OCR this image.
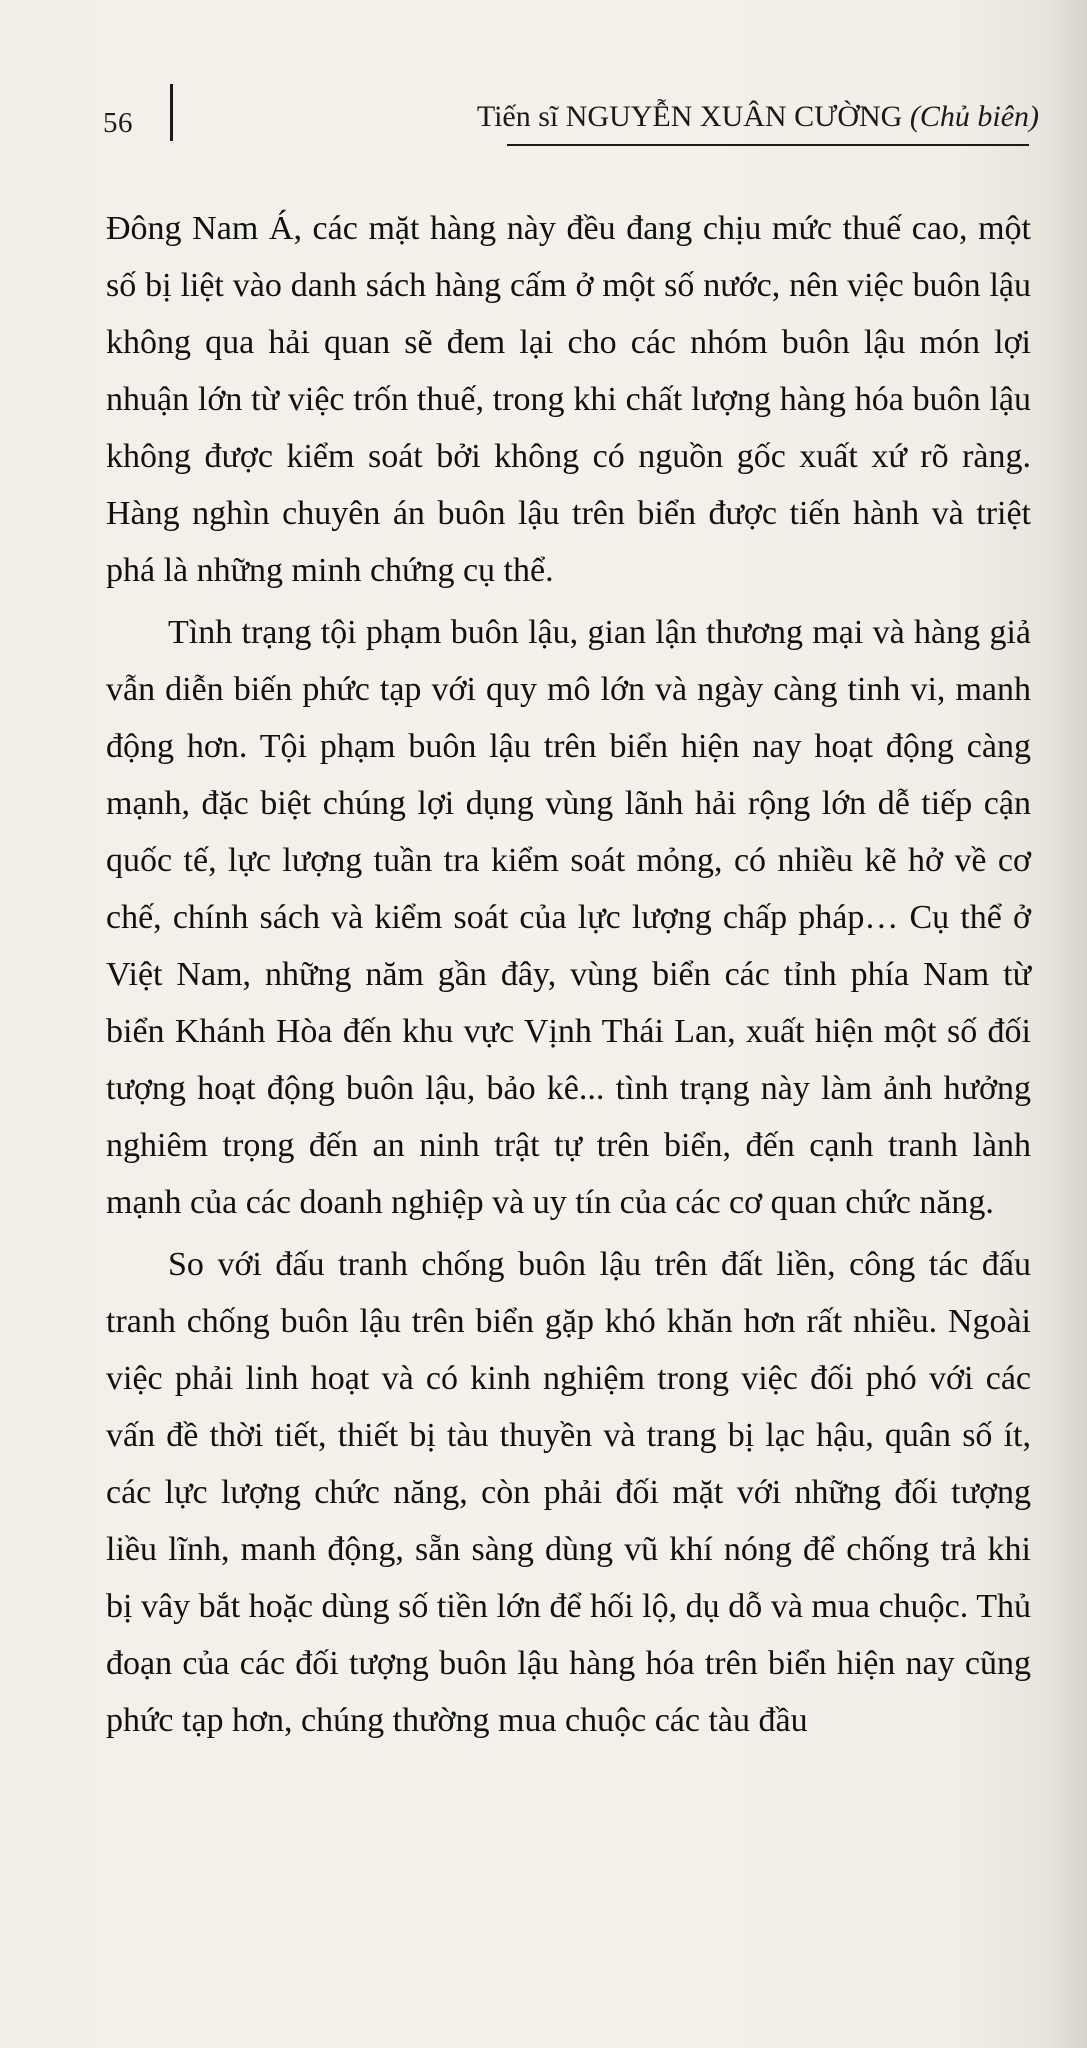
56	Tiến sĩ NGUYỄN XUÂN CƯỜNG (Chủ biên)

Đông Nam Á, các mặt hàng này đều đang chịu mức thuế cao, một số bị liệt vào danh sách hàng cấm ở một số nước, nên việc buôn lậu không qua hải quan sẽ đem lại cho các nhóm buôn lậu món lợi nhuận lớn từ việc trốn thuế, trong khi chất lượng hàng hóa buôn lậu không được kiểm soát bởi không có nguồn gốc xuất xứ rõ ràng. Hàng nghìn chuyên án buôn lậu trên biển được tiến hành và triệt phá là những minh chứng cụ thể.

Tình trạng tội phạm buôn lậu, gian lận thương mại và hàng giả vẫn diễn biến phức tạp với quy mô lớn và ngày càng tinh vi, manh động hơn. Tội phạm buôn lậu trên biển hiện nay hoạt động càng mạnh, đặc biệt chúng lợi dụng vùng lãnh hải rộng lớn dễ tiếp cận quốc tế, lực lượng tuần tra kiểm soát mỏng, có nhiều kẽ hở về cơ chế, chính sách và kiểm soát của lực lượng chấp pháp… Cụ thể ở Việt Nam, những năm gần đây, vùng biển các tỉnh phía Nam từ biển Khánh Hòa đến khu vực Vịnh Thái Lan, xuất hiện một số đối tượng hoạt động buôn lậu, bảo kê... tình trạng này làm ảnh hưởng nghiêm trọng đến an ninh trật tự trên biển, đến cạnh tranh lành mạnh của các doanh nghiệp và uy tín của các cơ quan chức năng.

So với đấu tranh chống buôn lậu trên đất liền, công tác đấu tranh chống buôn lậu trên biển gặp khó khăn hơn rất nhiều. Ngoài việc phải linh hoạt và có kinh nghiệm trong việc đối phó với các vấn đề thời tiết, thiết bị tàu thuyền và trang bị lạc hậu, quân số ít, các lực lượng chức năng, còn phải đối mặt với những đối tượng liều lĩnh, manh động, sẵn sàng dùng vũ khí nóng để chống trả khi bị vây bắt hoặc dùng số tiền lớn để hối lộ, dụ dỗ và mua chuộc. Thủ đoạn của các đối tượng buôn lậu hàng hóa trên biển hiện nay cũng phức tạp hơn, chúng thường mua chuộc các tàu đầu
